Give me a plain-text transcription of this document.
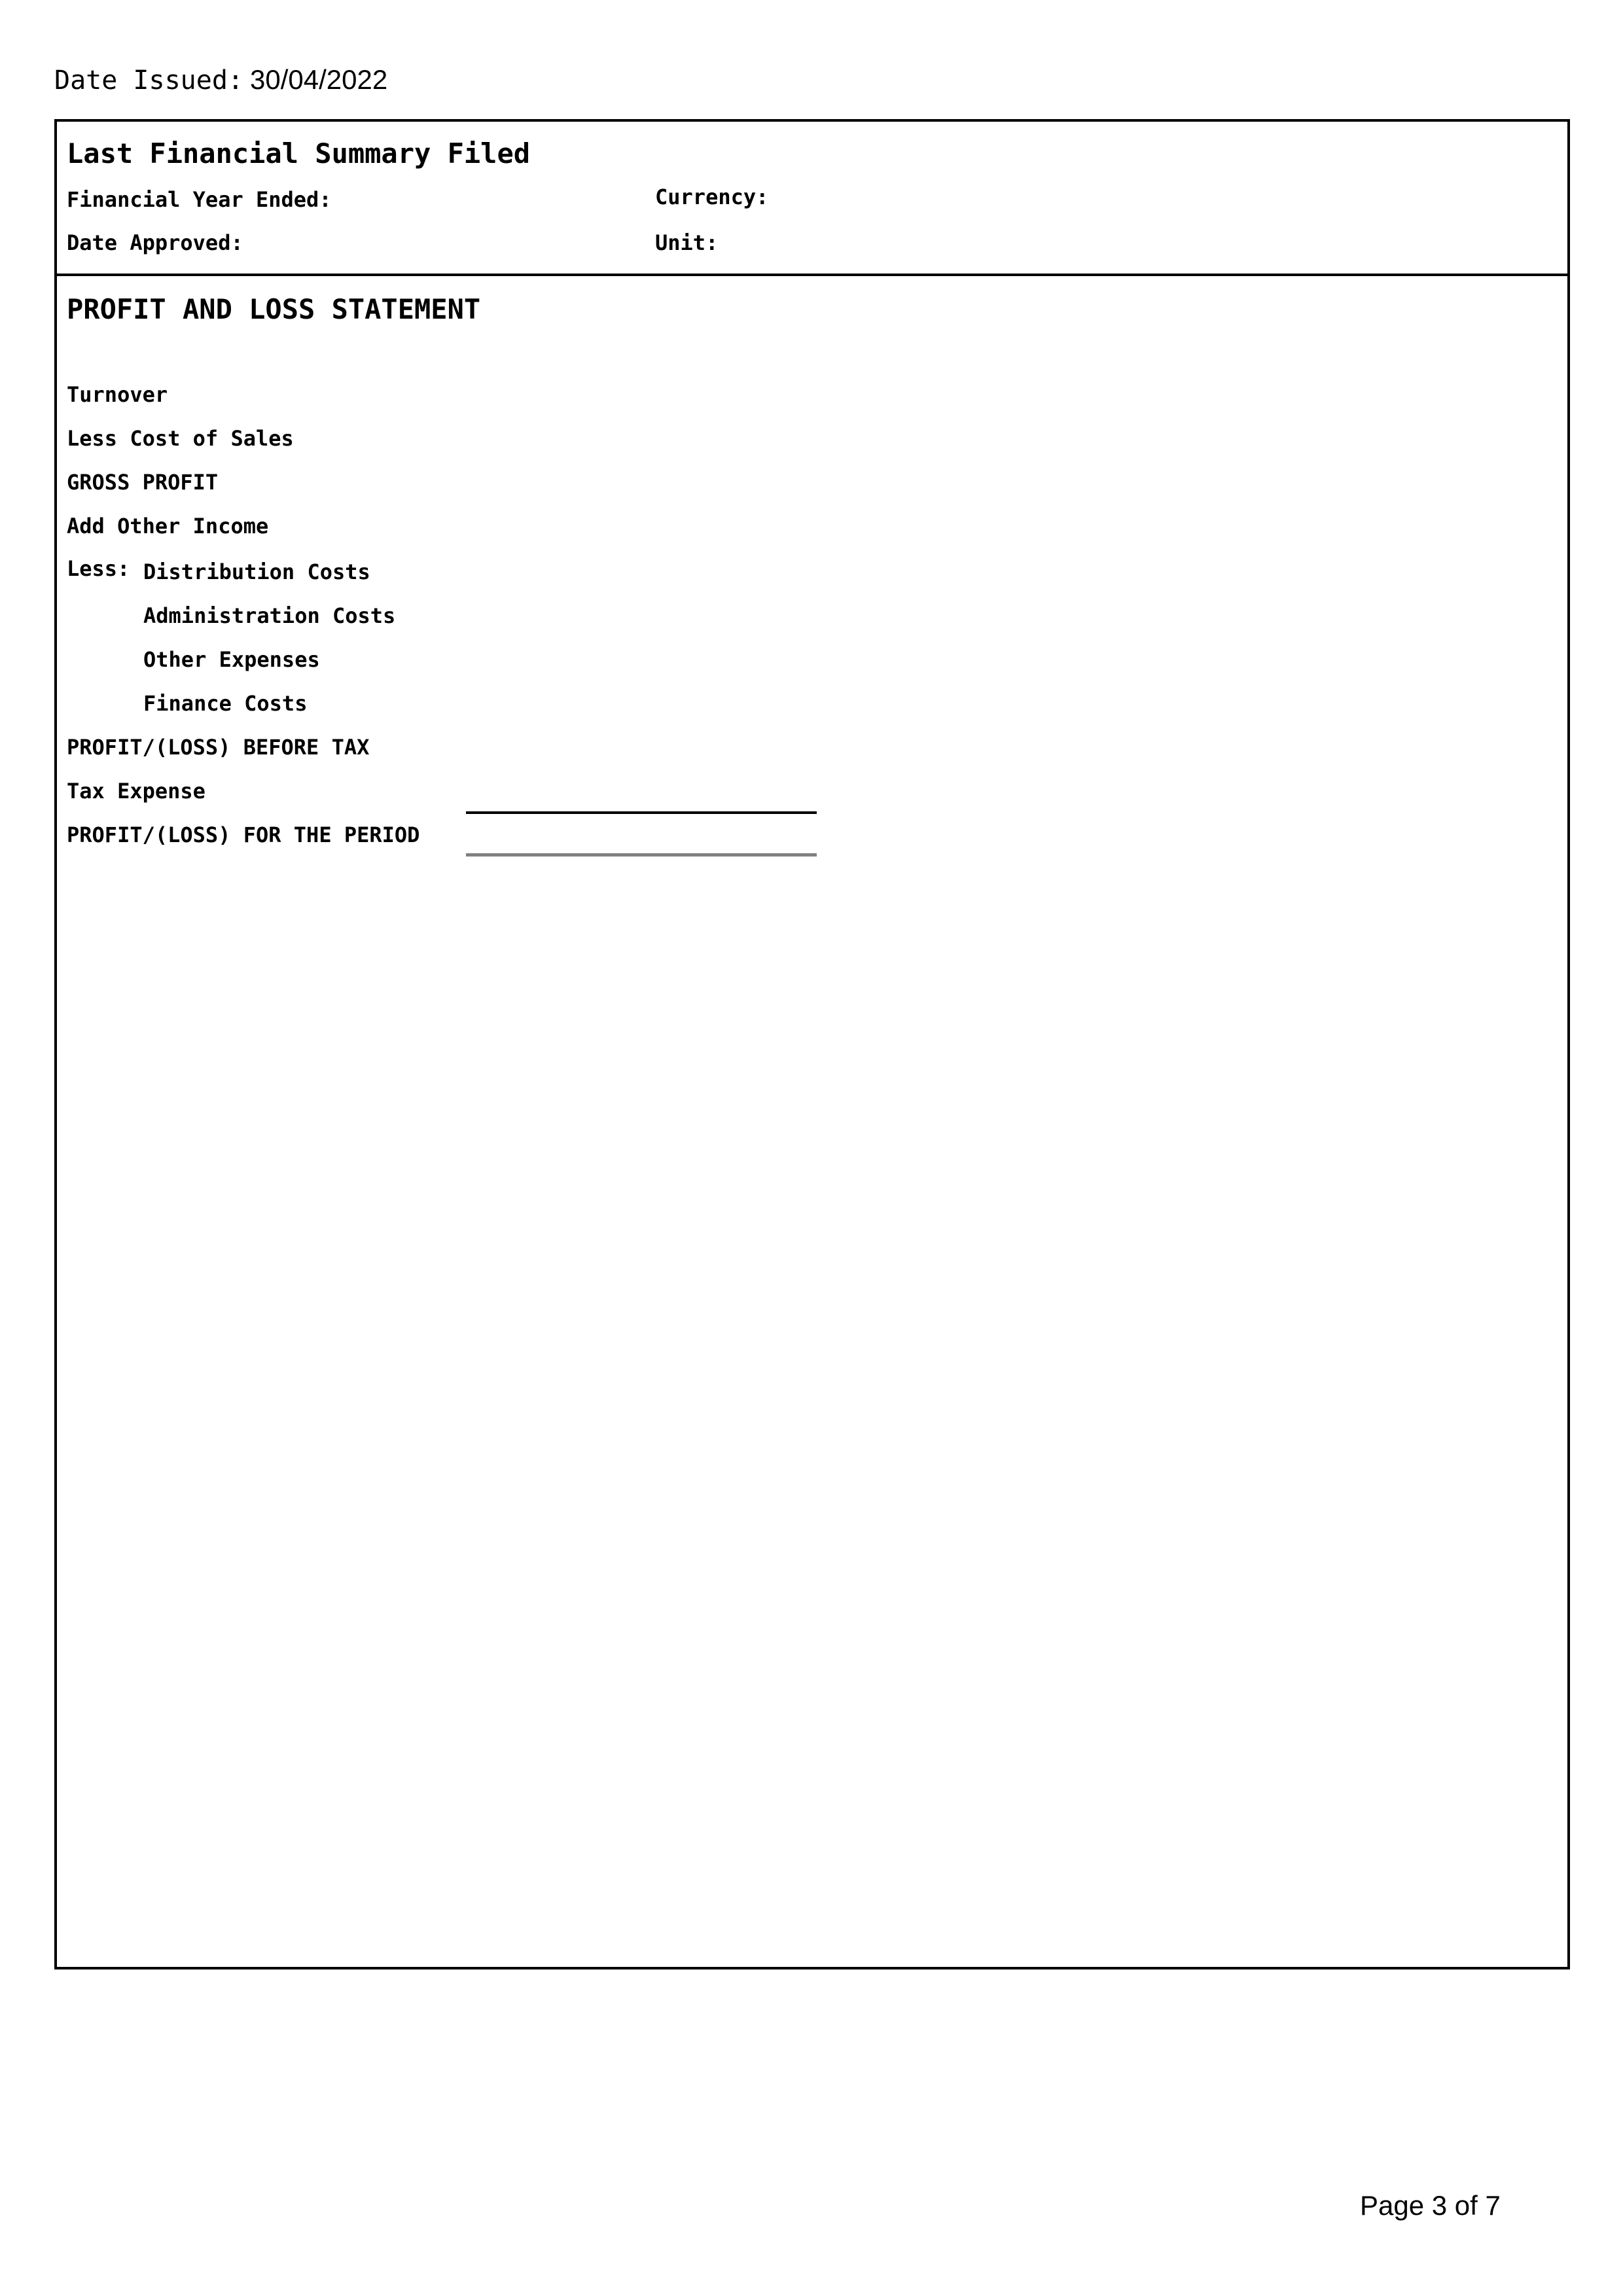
Date Issued: 30/04/2022
Last Financial Summary Filed
Financial Year Ended:	Currency:
Date Approved:	Unit:
PROFIT AND LOSS STATEMENT
Turnover
Less Cost of Sales
GROSS PROFIT
Add Other Income
Less: Distribution Costs
Administration Costs
Other Expenses
Finance Costs
PROFIT/(LOSS) BEFORE TAX
Tax Expense
PROFIT/(LOSS) FOR THE PERIOD
Page 3 of 7
